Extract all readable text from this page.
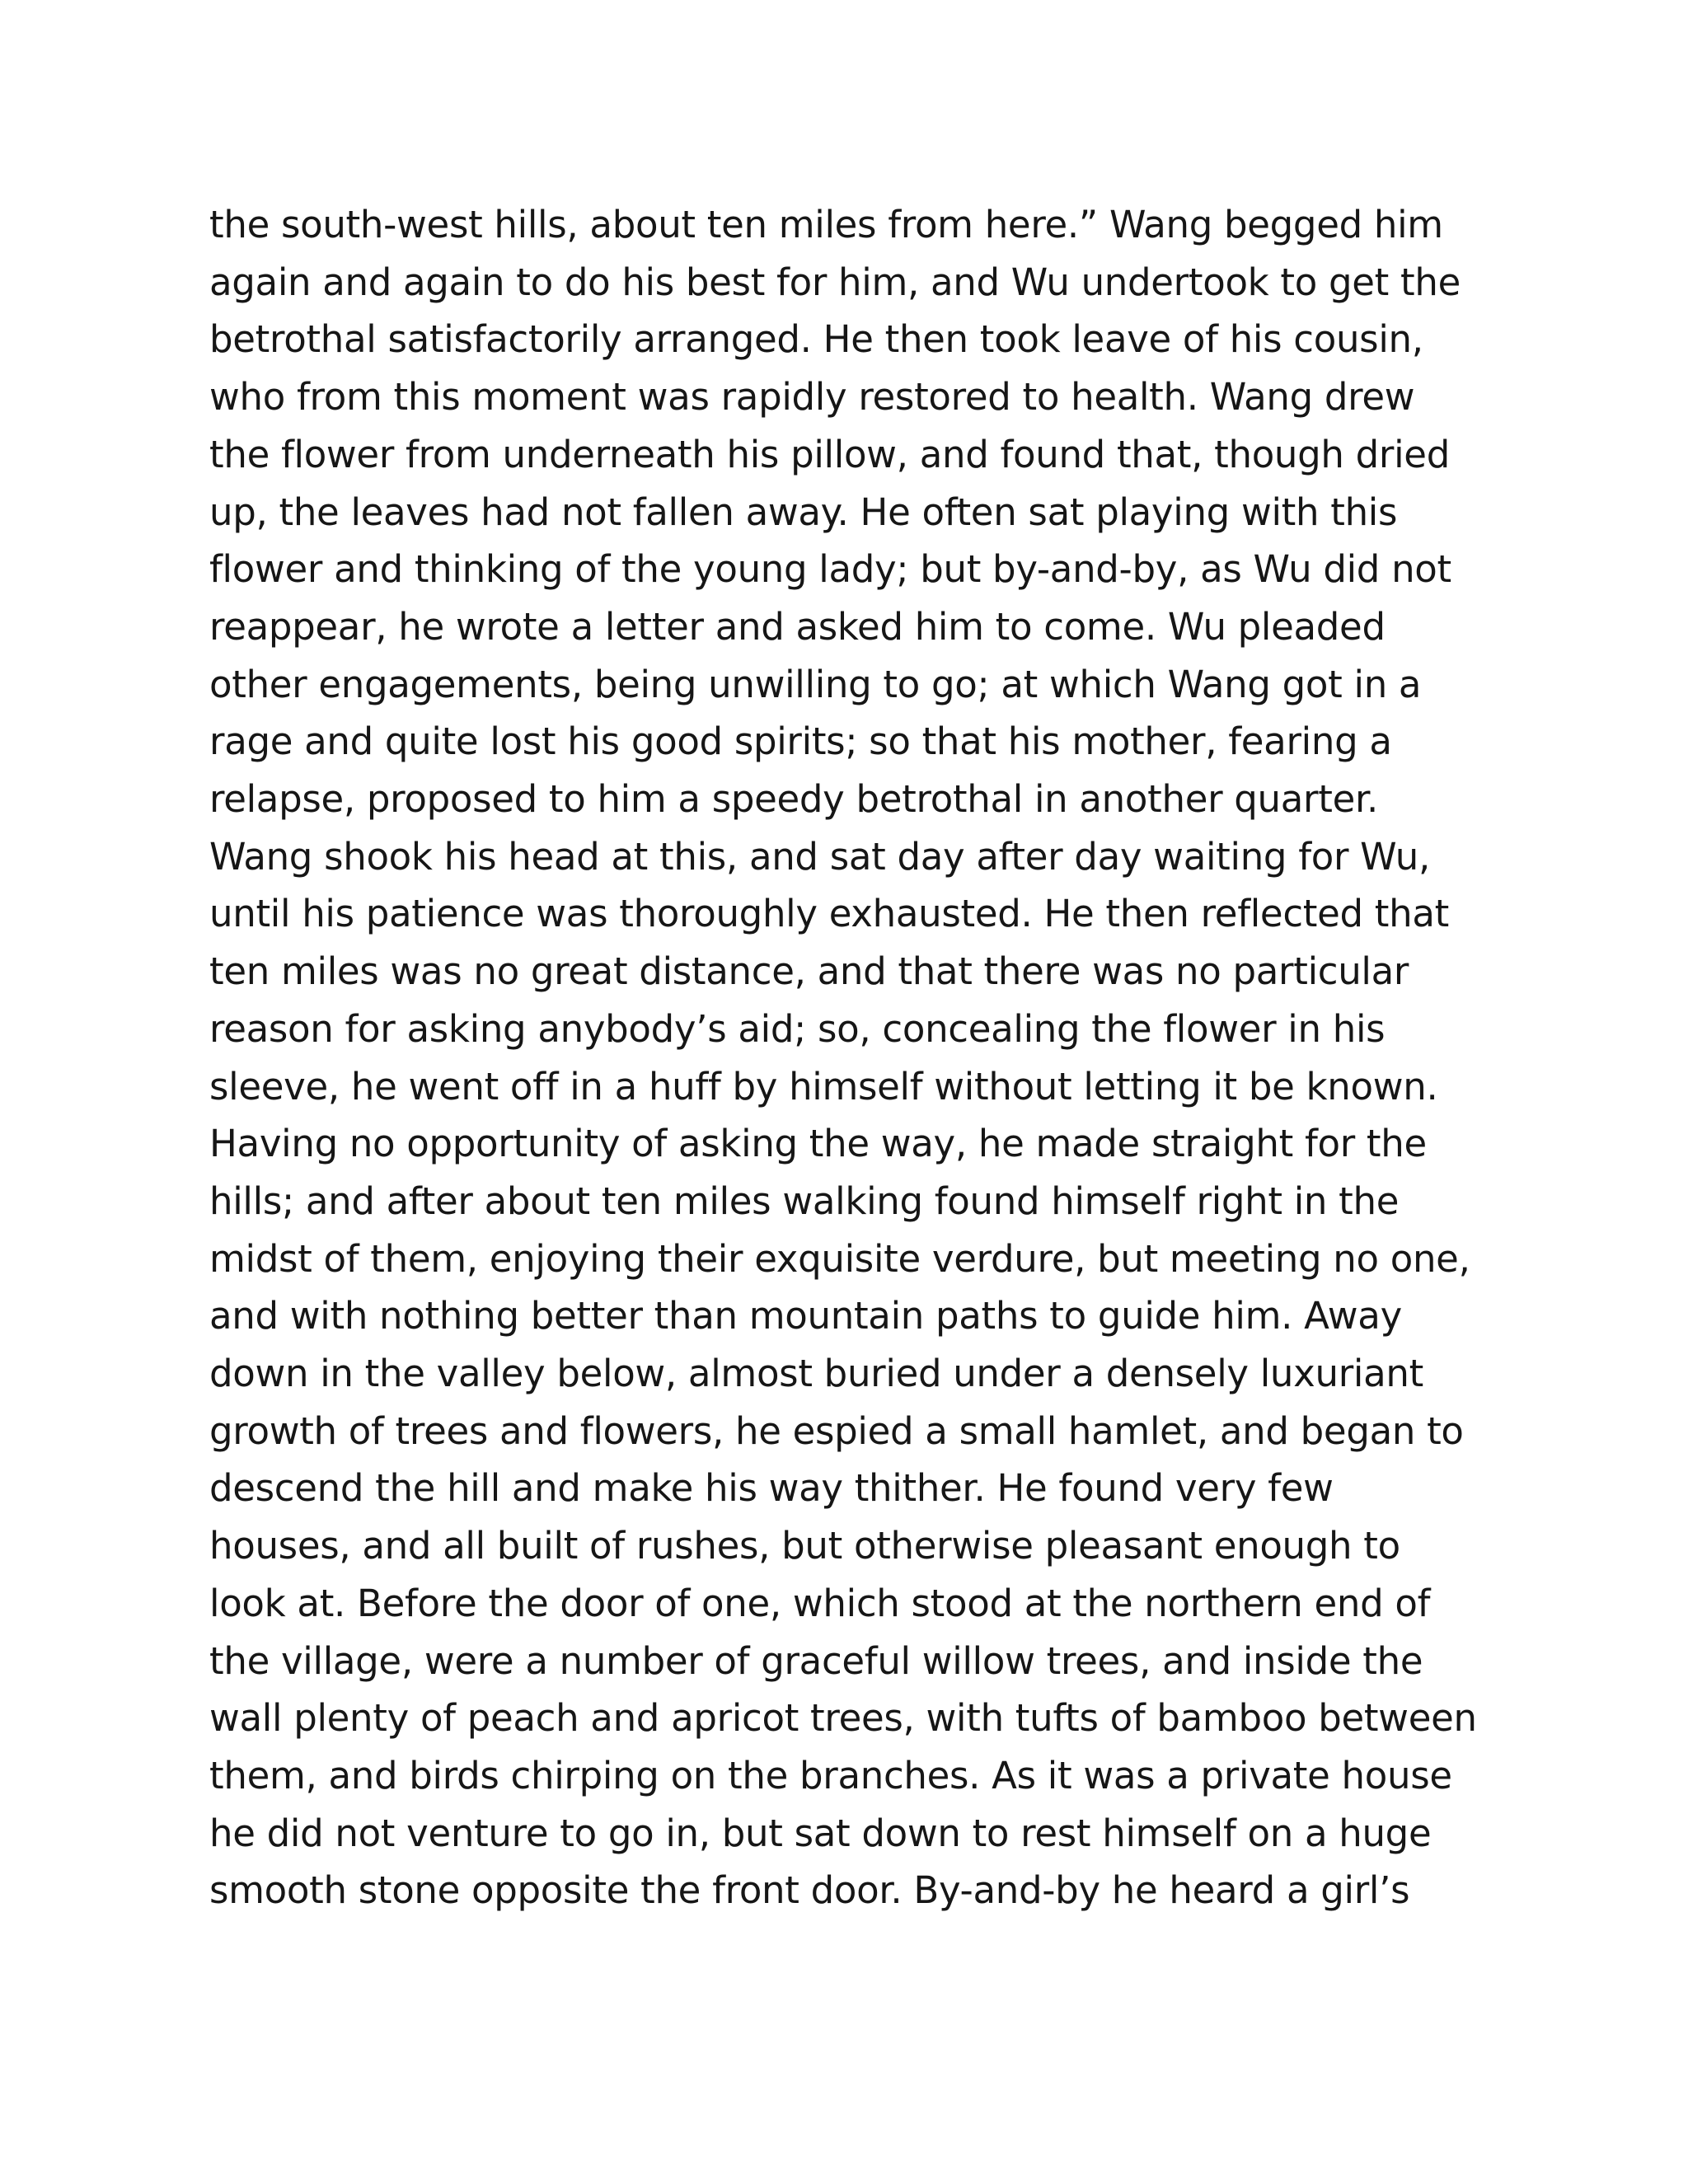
the south-west hills, about ten miles from here.” Wang begged him
again and again to do his best for him, and Wu undertook to get the
betrothal satisfactorily arranged. He then took leave of his cousin,
who from this moment was rapidly restored to health. Wang drew
the flower from underneath his pillow, and found that, though dried
up, the leaves had not fallen away. He often sat playing with this
flower and thinking of the young lady; but by-and-by, as Wu did not
reappear, he wrote a letter and asked him to come. Wu pleaded
other engagements, being unwilling to go; at which Wang got in a
rage and quite lost his good spirits; so that his mother, fearing a
relapse, proposed to him a speedy betrothal in another quarter.
Wang shook his head at this, and sat day after day waiting for Wu,
until his patience was thoroughly exhausted. He then reflected that
ten miles was no great distance, and that there was no particular
reason for asking anybody’s aid; so, concealing the flower in his
sleeve, he went off in a huff by himself without letting it be known.
Having no opportunity of asking the way, he made straight for the
hills; and after about ten miles walking found himself right in the
midst of them, enjoying their exquisite verdure, but meeting no one,
and with nothing better than mountain paths to guide him. Away
down in the valley below, almost buried under a densely luxuriant
growth of trees and flowers, he espied a small hamlet, and began to
descend the hill and make his way thither. He found very few
houses, and all built of rushes, but otherwise pleasant enough to
look at. Before the door of one, which stood at the northern end of
the village, were a number of graceful willow trees, and inside the
wall plenty of peach and apricot trees, with tufts of bamboo between
them, and birds chirping on the branches. As it was a private house
he did not venture to go in, but sat down to rest himself on a huge
smooth stone opposite the front door. By-and-by he heard a girl’s
